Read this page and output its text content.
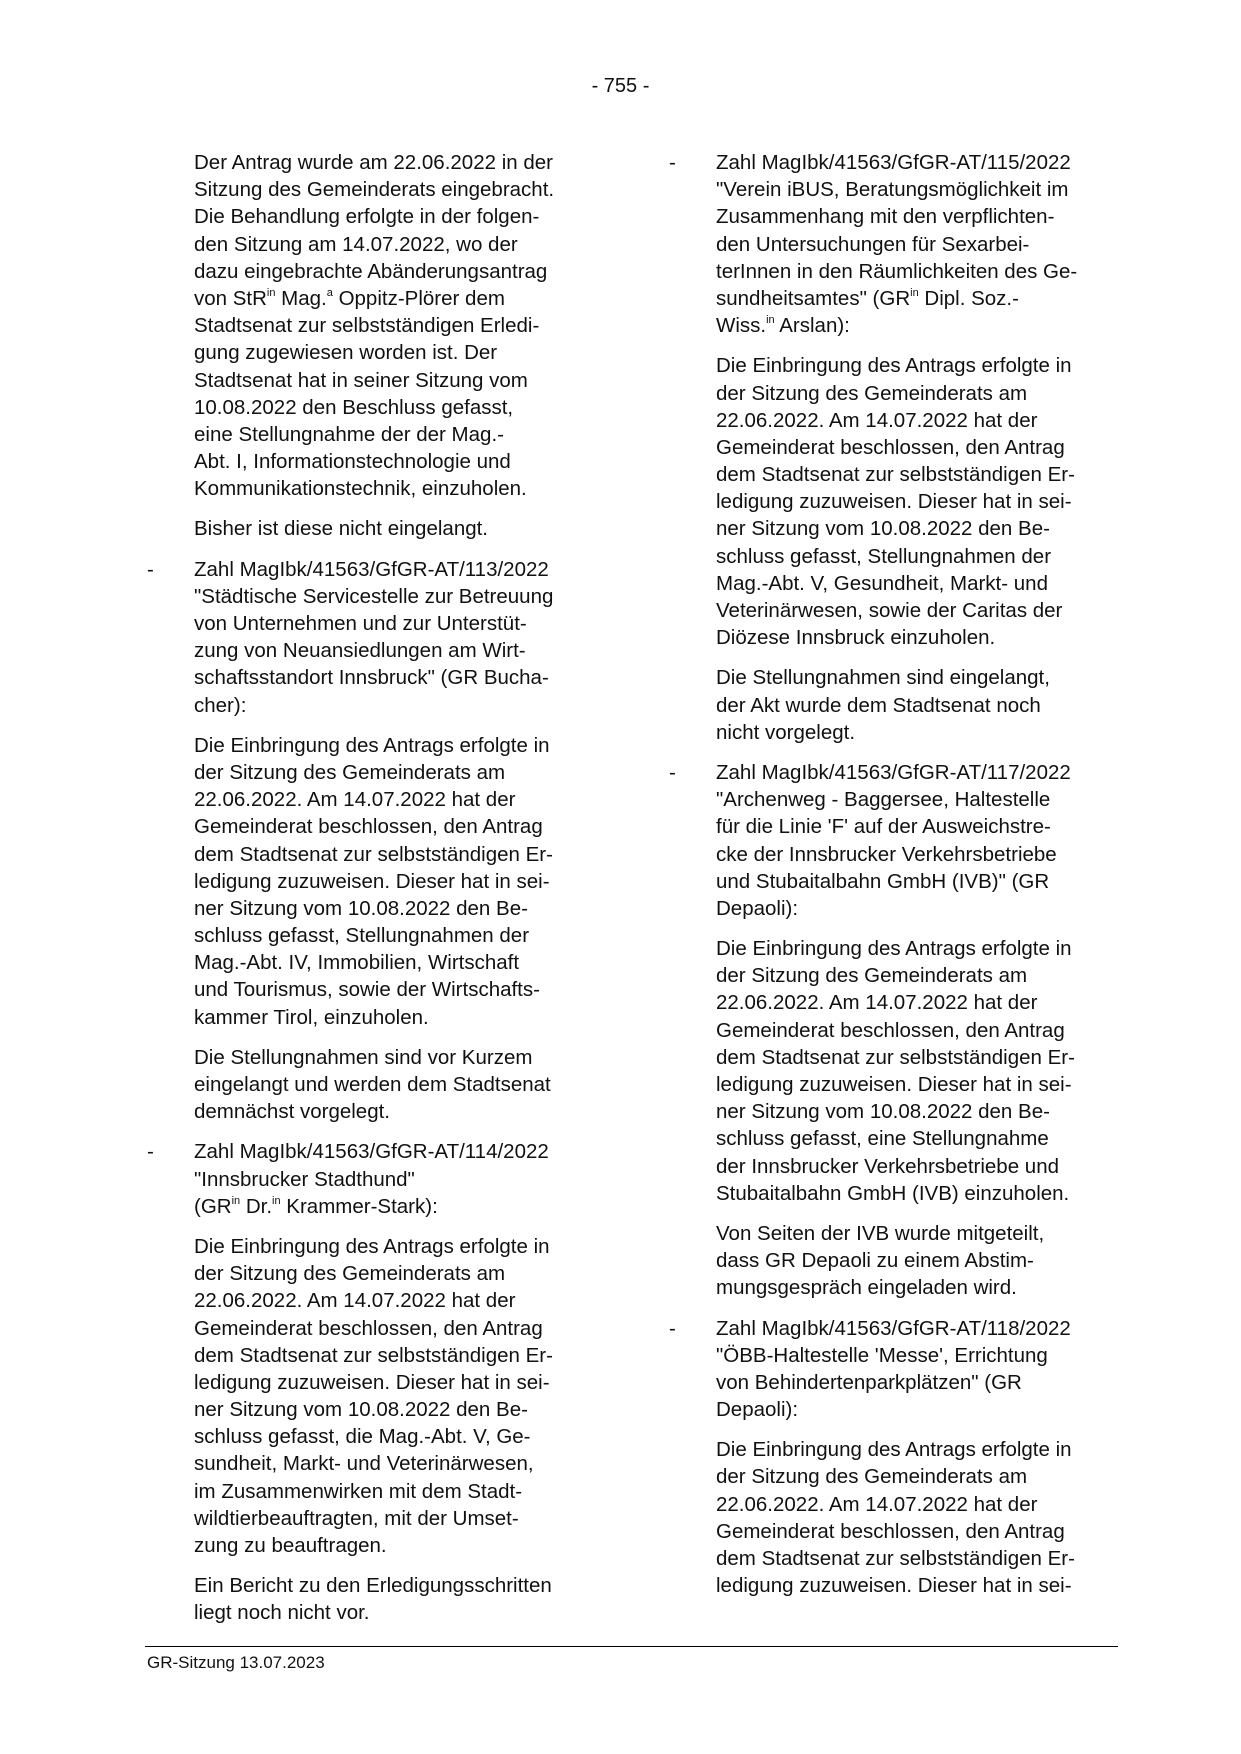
- 755 -
Der Antrag wurde am 22.06.2022 in der
Sitzung des Gemeinderats eingebracht.
Die Behandlung erfolgte in der folgen-
den Sitzung am 14.07.2022, wo der
dazu eingebrachte Abänderungsantrag
von StR$^{in}$ Mag.$^a$ Oppitz-Plörer dem
Stadtsenat zur selbstständigen Erledi-
gung zugewiesen worden ist. Der
Stadtsenat hat in seiner Sitzung vom
10.08.2022 den Beschluss gefasst,
eine Stellungnahme der der Mag.-
Abt. I, Informationstechnologie und
Kommunikationstechnik, einzuholen.
Bisher ist diese nicht eingelangt.
-	Zahl MagIbk/41563/GfGR-AT/113/2022
"Städtische Servicestelle zur Betreuung
von Unternehmen und zur Unterstüt-
zung von Neuansiedlungen am Wirt-
schaftsstandort Innsbruck" (GR Bucha-
cher):
Die Einbringung des Antrags erfolgte in
der Sitzung des Gemeinderats am
22.06.2022. Am 14.07.2022 hat der
Gemeinderat beschlossen, den Antrag
dem Stadtsenat zur selbstständigen Er-
ledigung zuzuweisen. Dieser hat in sei-
ner Sitzung vom 10.08.2022 den Be-
schluss gefasst, Stellungnahmen der
Mag.-Abt. IV, Immobilien, Wirtschaft
und Tourismus, sowie der Wirtschafts-
kammer Tirol, einzuholen.
Die Stellungnahmen sind vor Kurzem
eingelangt und werden dem Stadtsenat
demnächst vorgelegt.
-	Zahl MagIbk/41563/GfGR-AT/114/2022
"Innsbrucker Stadthund"
($GR^{in}$ Dr.$^{in}$ Krammer-Stark):
Die Einbringung des Antrags erfolgte in
der Sitzung des Gemeinderats am
22.06.2022. Am 14.07.2022 hat der
Gemeinderat beschlossen, den Antrag
dem Stadtsenat zur selbstständigen Er-
ledigung zuzuweisen. Dieser hat in sei-
ner Sitzung vom 10.08.2022 den Be-
schluss gefasst, die Mag.-Abt. V, Ge-
sundheit, Markt- und Veterinärwesen,
im Zusammenwirken mit dem Stadt-
wildtierbeauftragten, mit der Umset-
zung zu beauftragen.
Ein Bericht zu den Erledigungsschritten
liegt noch nicht vor.
-	Zahl MagIbk/41563/GfGR-AT/115/2022
"Verein iBUS, Beratungsmöglichkeit im
Zusammenhang mit den verpflichten-
den Untersuchungen für Sexarbei-
terInnen in den Räumlichkeiten des Ge-
sundheitsamtes" ($GR^{in}$ Dipl. Soz.-
Wiss.$^{in}$ Arslan):
Die Einbringung des Antrags erfolgte in
der Sitzung des Gemeinderats am
22.06.2022. Am 14.07.2022 hat der
Gemeinderat beschlossen, den Antrag
dem Stadtsenat zur selbstständigen Er-
ledigung zuzuweisen. Dieser hat in sei-
ner Sitzung vom 10.08.2022 den Be-
schluss gefasst, Stellungnahmen der
Mag.-Abt. V, Gesundheit, Markt- und
Veterinärwesen, sowie der Caritas der
Diözese Innsbruck einzuholen.
Die Stellungnahmen sind eingelangt,
der Akt wurde dem Stadtsenat noch
nicht vorgelegt.
-	Zahl MagIbk/41563/GfGR-AT/117/2022
"Archenweg - Baggersee, Haltestelle
für die Linie 'F' auf der Ausweichstre-
cke der Innsbrucker Verkehrsbetriebe
und Stubaitalbahn GmbH (IVB)" (GR
Depaoli):
Die Einbringung des Antrags erfolgte in
der Sitzung des Gemeinderats am
22.06.2022. Am 14.07.2022 hat der
Gemeinderat beschlossen, den Antrag
dem Stadtsenat zur selbstständigen Er-
ledigung zuzuweisen. Dieser hat in sei-
ner Sitzung vom 10.08.2022 den Be-
schluss gefasst, eine Stellungnahme
der Innsbrucker Verkehrsbetriebe und
Stubaitalbahn GmbH (IVB) einzuholen.
Von Seiten der IVB wurde mitgeteilt,
dass GR Depaoli zu einem Abstim-
mungsgespräch eingeladen wird.
-	Zahl MagIbk/41563/GfGR-AT/118/2022
"ÖBB-Haltestelle 'Messe', Errichtung
von Behindertenparkplätzen" (GR
Depaoli):
Die Einbringung des Antrags erfolgte in
der Sitzung des Gemeinderats am
22.06.2022. Am 14.07.2022 hat der
Gemeinderat beschlossen, den Antrag
dem Stadtsenat zur selbstständigen Er-
ledigung zuzuweisen. Dieser hat in sei-
GR-Sitzung 13.07.2023
